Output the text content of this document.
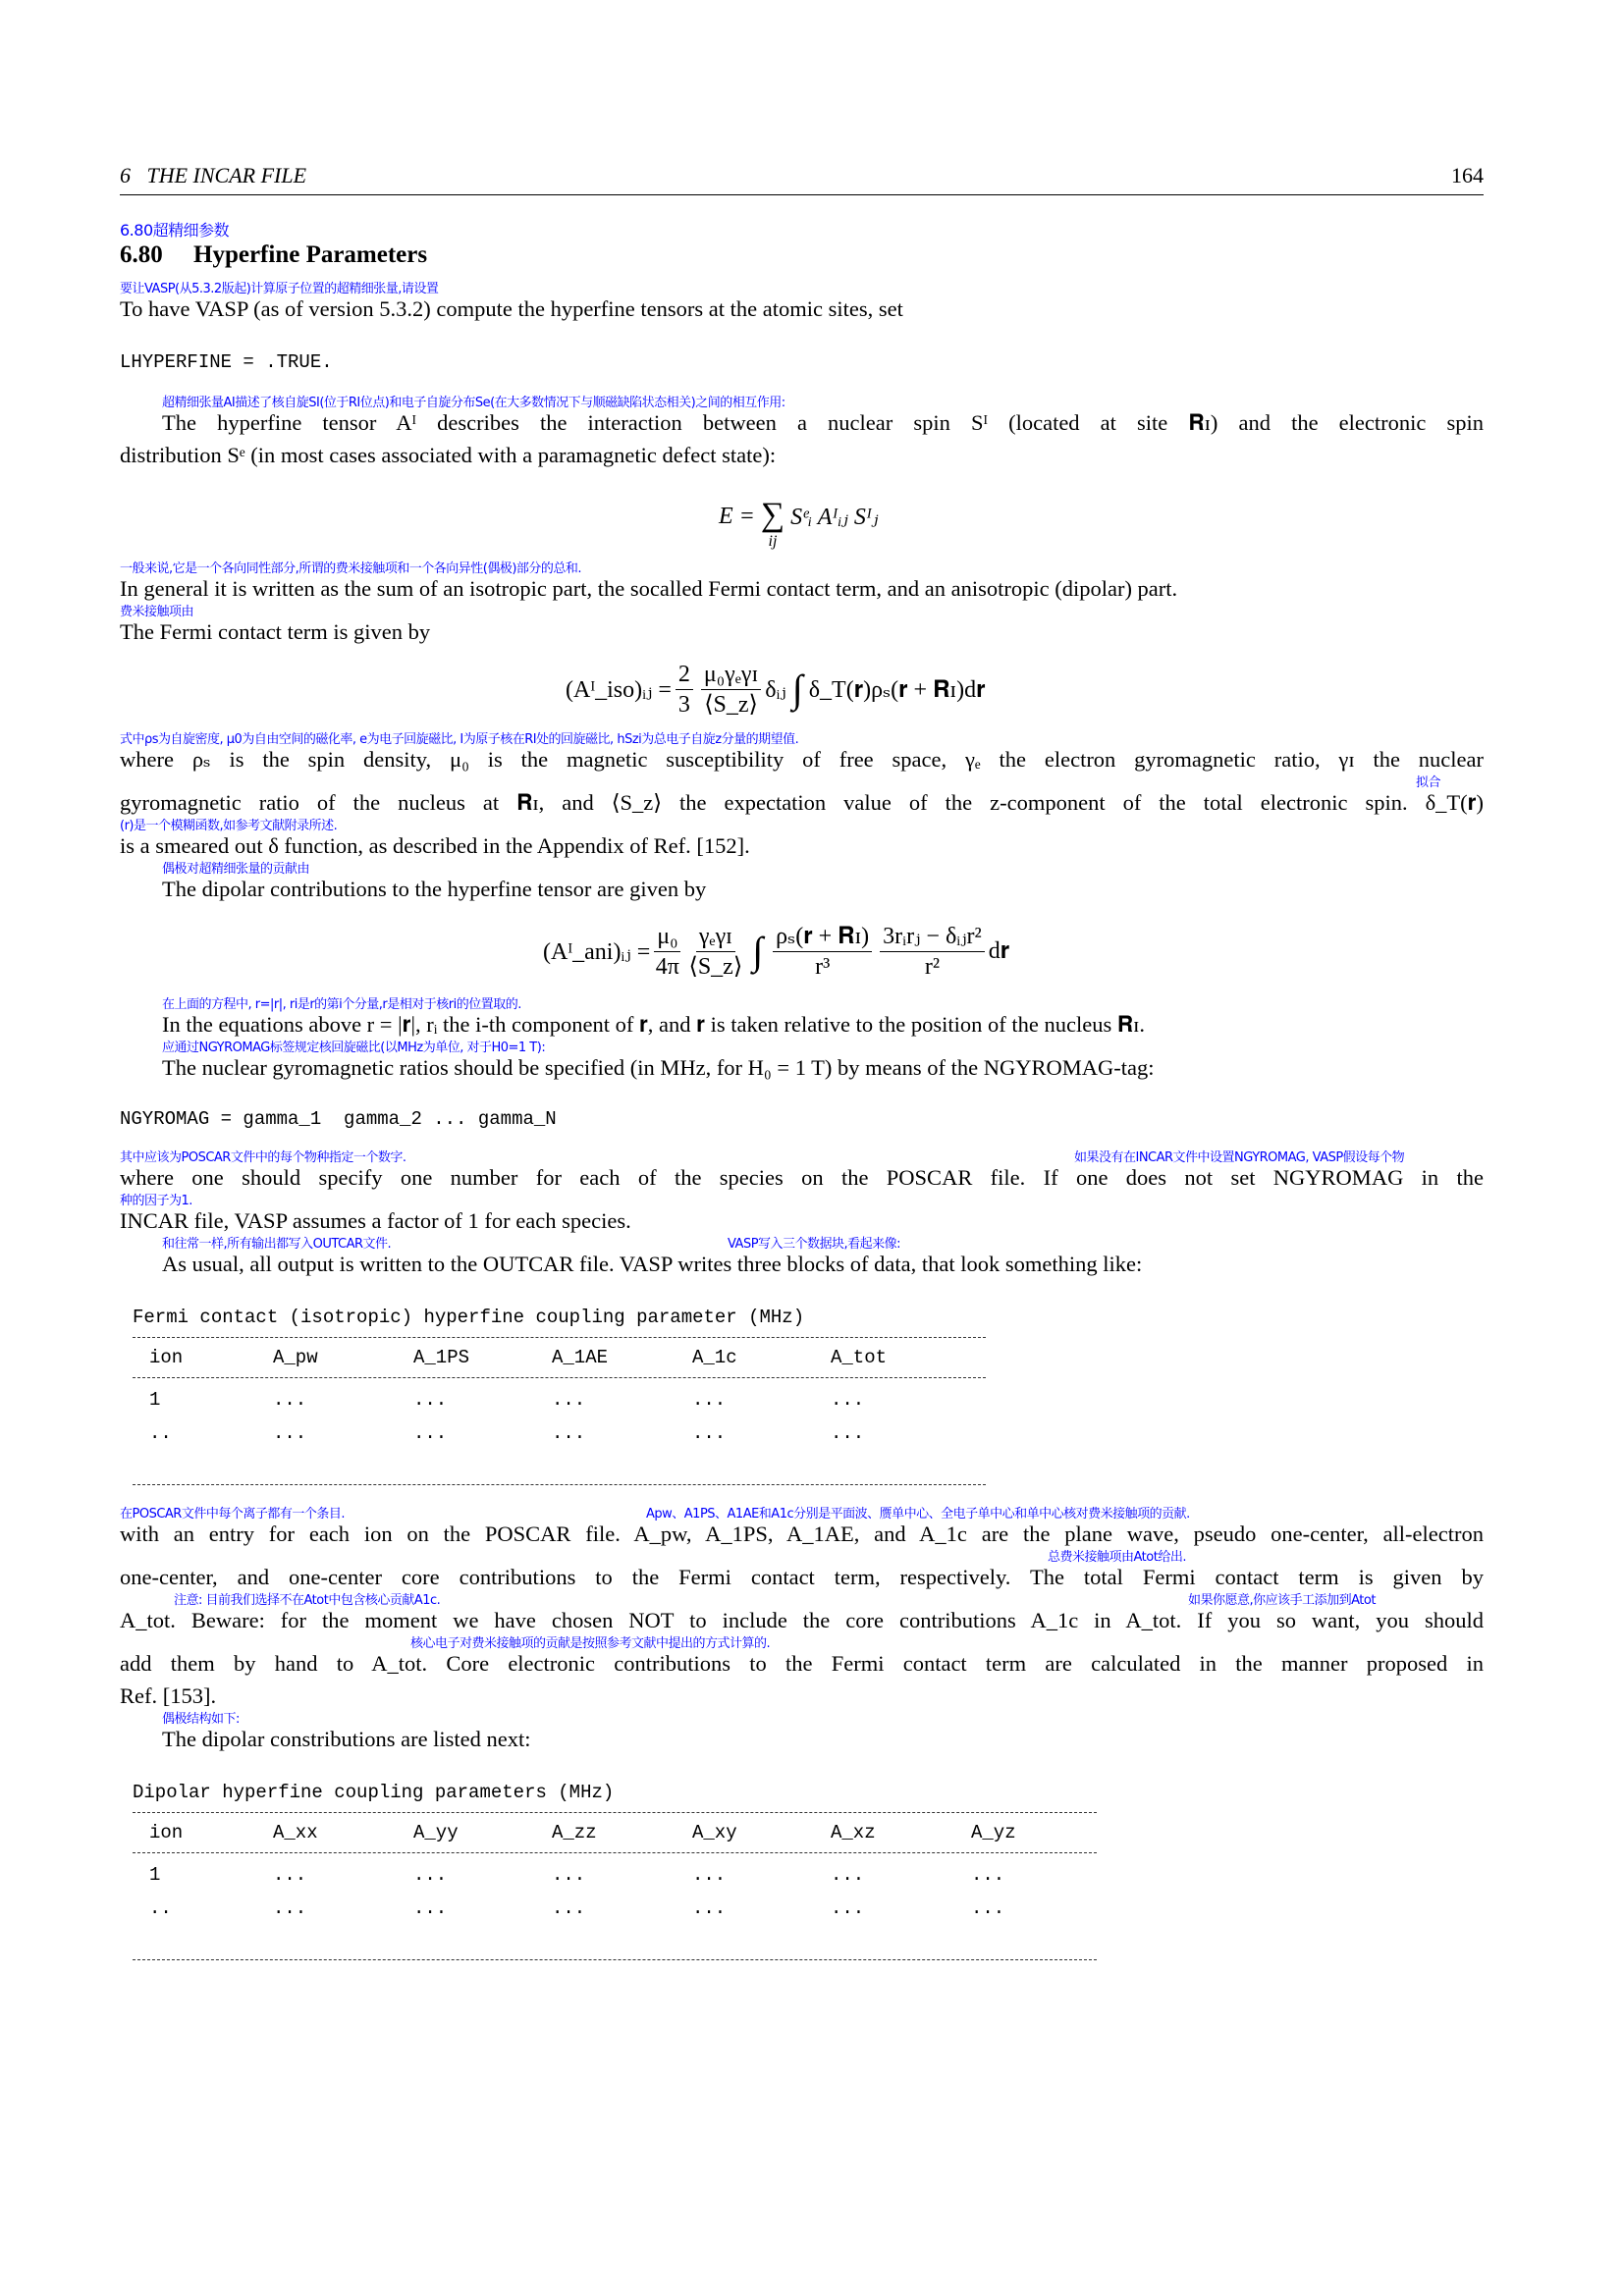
6 THE INCAR FILE	164
6.80超精细参数
6.80 Hyperfine Parameters
要让VASP(从5.3.2版起)计算原子位置的超精细张量,请设置
To have VASP (as of version 5.3.2) compute the hyperfine tensors at the atomic sites, set
LHYPERFINE = .TRUE.
超精细张量AI描述了核自旋SI(位于RI位点)和电子自旋分布Se(在大多数情况下与顺磁缺陷状态相关)之间的相互作用:
The hyperfine tensor Aᴵ describes the interaction between a nuclear spin Sᴵ (located at site 𝐑ɪ) and the electronic spin
distribution Sᵉ (in most cases associated with a paramagnetic defect state):
E = ∑
ij
Sᵉᵢ Aᴵᵢⱼ Sᴵⱼ
一般来说,它是一个各向同性部分,所谓的费米接触项和一个各向异性(偶极)部分的总和.
In general it is written as the sum of an isotropic part, the socalled Fermi contact term, and an anisotropic (dipolar) part.
费米接触项由
The Fermi contact term is given by
(Aᴵ_iso)ᵢⱼ = $\frac{2}{3} \frac{\text{μ₀γₑγɪ}}{⟨S\_z⟩}$ δᵢⱼ ∫ δ_T(𝐫)ρₛ(𝐫 + 𝐑ɪ)d𝐫
式中ρs为自旋密度, μ0为自由空间的磁化率, e为电子回旋磁比, I为原子核在RI处的回旋磁比, hSzi为总电子自旋z分量的期望值.
where ρₛ is the spin density, μ₀ is the magnetic susceptibility of free space, γₑ the electron gyromagnetic ratio, γɪ the nuclear
拟合
gyromagnetic ratio of the nucleus at 𝐑ɪ, and ⟨S_z⟩ the expectation value of the z-component of the total electronic spin. δ_T(𝐫)
(r)是一个模糊函数,如参考文献附录所述.
is a smeared out δ function, as described in the Appendix of Ref. [152].
偶极对超精细张量的贡献由
The dipolar contributions to the hyperfine tensor are given by
(Aᴵ_ani)ᵢⱼ = $\frac{\text{μ₀}}{4\pi} \frac{\text{γₑγɪ}}{⟨S\_z⟩}$ ∫ $\frac{\text{ρₛ(𝐫 + 𝐑ɪ)}}{\text{r³}} \frac{\text{3rᵢrⱼ − δᵢⱼr²}}{\text{r²}}$ d𝐫
在上面的方程中, r=|r|, ri是r的第i个分量,r是相对于核ri的位置取的.
In the equations above r = |𝐫|, rᵢ the i-th component of 𝐫, and 𝐫 is taken relative to the position of the nucleus 𝐑ɪ.
应通过NGYROMAG标签规定核回旋磁比(以MHz为单位, 对于H0=1 T):
The nuclear gyromagnetic ratios should be specified (in MHz, for H₀ = 1 T) by means of the NGYROMAG-tag:
NGYROMAG = gamma_1  gamma_2 ... gamma_N
其中应该为POSCAR文件中的每个物种指定一个数字.	如果没有在INCAR文件中设置NGYROMAG, VASP假设每个物
where one should specify one number for each of the species on the POSCAR file. If one does not set NGYROMAG in the
种的因子为1.
INCAR file, VASP assumes a factor of 1 for each species.
和往常一样,所有输出都写入OUTCAR文件.	VASP写入三个数据块,看起来像:
As usual, all output is written to the OUTCAR file. VASP writes three blocks of data, that look something like:
Fermi contact (isotropic) hyperfine coupling parameter (MHz)
ion	A_pw	A_1PS	A_1AE	A_1c	A_tot
1	...	...	...	...	...
..	...	...	...	...	...
在POSCAR文件中每个离子都有一个条目.	Apw、A1PS、A1AE和A1c分别是平面波、赝单中心、全电子单中心和单中心核对费米接触项的贡献.
with an entry for each ion on the POSCAR file. A_pw, A_1PS, A_1AE, and A_1c are the plane wave, pseudo one-center, all-electron
总费米接触项由Atot给出.
one-center, and one-center core contributions to the Fermi contact term, respectively. The total Fermi contact term is given by
注意: 目前我们选择不在Atot中包含核心贡献A1c.	如果你愿意,你应该手工添加到Atot
A_tot. Beware: for the moment we have chosen NOT to include the core contributions A_1c in A_tot. If you so want, you should
核心电子对费米接触项的贡献是按照参考文献中提出的方式计算的.
add them by hand to A_tot. Core electronic contributions to the Fermi contact term are calculated in the manner proposed in
Ref. [153].
偶极结构如下:
The dipolar constributions are listed next:
Dipolar hyperfine coupling parameters (MHz)
ion	A_xx	A_yy	A_zz	A_xy	A_xz	A_yz
1	...	...	...	...	...	...
..	...	...	...	...	...	...
